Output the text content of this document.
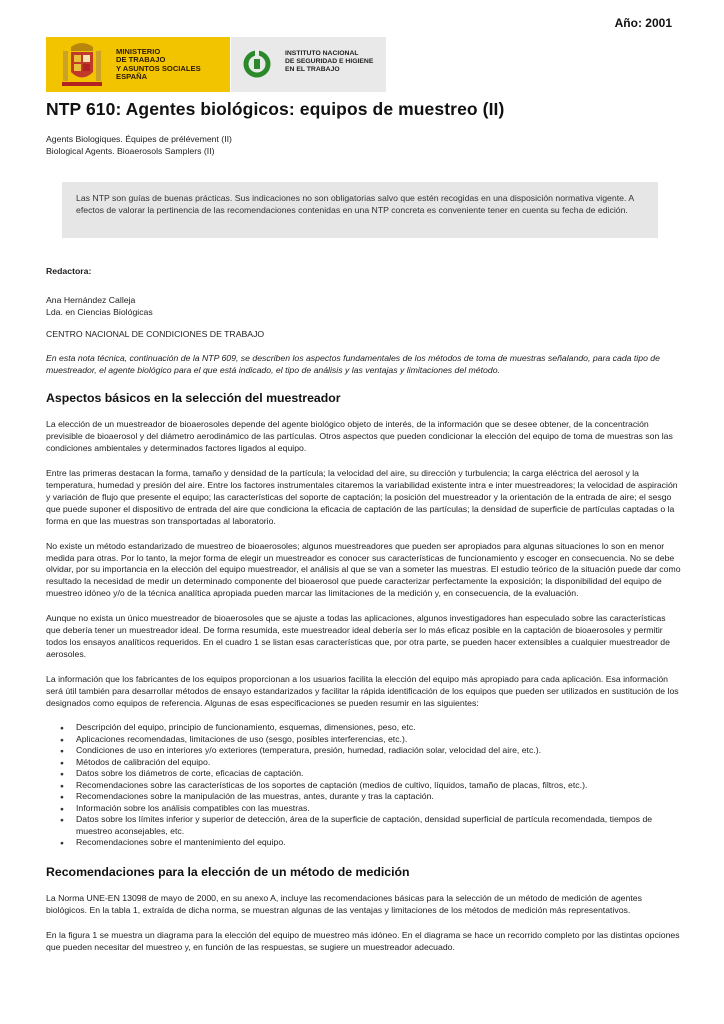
Año: 2001
MINISTERIO
DE TRABAJO
Y ASUNTOS SOCIALES
ESPAÑA
INSTITUTO NACIONAL
DE SEGURIDAD E HIGIENE
EN EL TRABAJO
NTP 610: Agentes biológicos: equipos de muestreo (II)
Agents Biologiques. Équipes de prélévement (II)
Biological Agents. Bioaerosols Samplers (II)

Las NTP son guías de buenas prácticas. Sus indicaciones no son obligatorias salvo que estén recogidas en una disposición normativa vigente. A efectos de valorar la pertinencia de las recomendaciones contenidas en una NTP concreta es conveniente tener en cuenta su fecha de edición.

Redactora:

Ana Hernández Calleja

Lda. en Ciencias Biológicas

CENTRO NACIONAL DE CONDICIONES DE TRABAJO

En esta nota técnica, continuación de la NTP 609, se describen los aspectos fundamentales de los métodos de toma de muestras señalando, para cada tipo de muestreador, el agente biológico para el que está indicado, el tipo de análisis y las ventajas y limitaciones del método.

Aspectos básicos en la selección del muestreador

La elección de un muestreador de bioaerosoles depende del agente biológico objeto de interés, de la información que se desee obtener, de la concentración previsible de bioaerosol y del diámetro aerodinámico de las partículas. Otros aspectos que pueden condicionar la elección del equipo de toma de muestras son las condiciones ambientales y determinados factores ligados al equipo.

Entre las primeras destacan la forma, tamaño y densidad de la partícula; la velocidad del aire, su dirección y turbulencia; la carga eléctrica del aerosol y la temperatura, humedad y presión del aire. Entre los factores instrumentales citaremos la variabilidad existente intra e inter muestreadores; la velocidad de aspiración y variación de flujo que presente el equipo; las características del soporte de captación; la posición del muestreador y la orientación de la entrada de aire; el sesgo que puede suponer el dispositivo de entrada del aire que condiciona la eficacia de captación de las partículas; la densidad de superficie de partículas captadas o la forma en que las muestras son transportadas al laboratorio.

No existe un método estandarizado de muestreo de bioaerosoles; algunos muestreadores que pueden ser apropiados para algunas situaciones lo son en menor medida para otras. Por lo tanto, la mejor forma de elegir un muestreador es conocer sus características de funcionamiento y escoger en consecuencia. No se debe olvidar, por su importancia en la elección del equipo muestreador, el análisis al que se van a someter las muestras. El estudio teórico de la situación puede dar como resultado la necesidad de medir un determinado componente del bioaerosol que puede caracterizar perfectamente la exposición; la disponibilidad del equipo de muestreo idóneo y/o de la técnica analítica apropiada pueden marcar las limitaciones de la medición y, en consecuencia, de la evaluación.

Aunque no exista un único muestreador de bioaerosoles que se ajuste a todas las aplicaciones, algunos investigadores han especulado sobre las características que debería tener un muestreador ideal. De forma resumida, este muestreador ideal debería ser lo más eficaz posible en la captación de bioaerosoles y permitir todos los ensayos analíticos requeridos. En el cuadro 1 se listan esas características que, por otra parte, se pueden hacer extensibles a cualquier muestreador de aerosoles.

La información que los fabricantes de los equipos proporcionan a los usuarios facilita la elección del equipo más apropiado para cada aplicación. Esa información será útil también para desarrollar métodos de ensayo estandarizados y facilitar la rápida identificación de los equipos que pueden ser utilizados en sustitución de los designados como equipos de referencia. Algunas de esas especificaciones se pueden resumir en las siguientes:

● Descripción del equipo, principio de funcionamiento, esquemas, dimensiones, peso, etc.
● Aplicaciones recomendadas, limitaciones de uso (sesgo, posibles interferencias, etc.).
● Condiciones de uso en interiores y/o exteriores (temperatura, presión, humedad, radiación solar, velocidad del aire, etc.).
● Métodos de calibración del equipo.
● Datos sobre los diámetros de corte, eficacias de captación.
● Recomendaciones sobre las características de los soportes de captación (medios de cultivo, líquidos, tamaño de placas, filtros, etc.).
● Recomendaciones sobre la manipulación de las muestras, antes, durante y tras la captación.
● Información sobre los análisis compatibles con las muestras.
● Datos sobre los límites inferior y superior de detección, área de la superficie de captación, densidad superficial de partícula recomendada, tiempos de muestreo aconsejables, etc.
● Recomendaciones sobre el mantenimiento del equipo.
Recomendaciones para la elección de un método de medición

La Norma UNE-EN 13098 de mayo de 2000, en su anexo A, incluye las recomendaciones básicas para la selección de un método de medición de agentes biológicos. En la tabla 1, extraída de dicha norma, se muestran algunas de las ventajas y limitaciones de los métodos de medición más representativos.

En la figura 1 se muestra un diagrama para la elección del equipo de muestreo más idóneo. En el diagrama se hace un recorrido completo por las distintas opciones que pueden necesitar del muestreo y, en función de las respuestas, se sugiere un muestreador adecuado.
